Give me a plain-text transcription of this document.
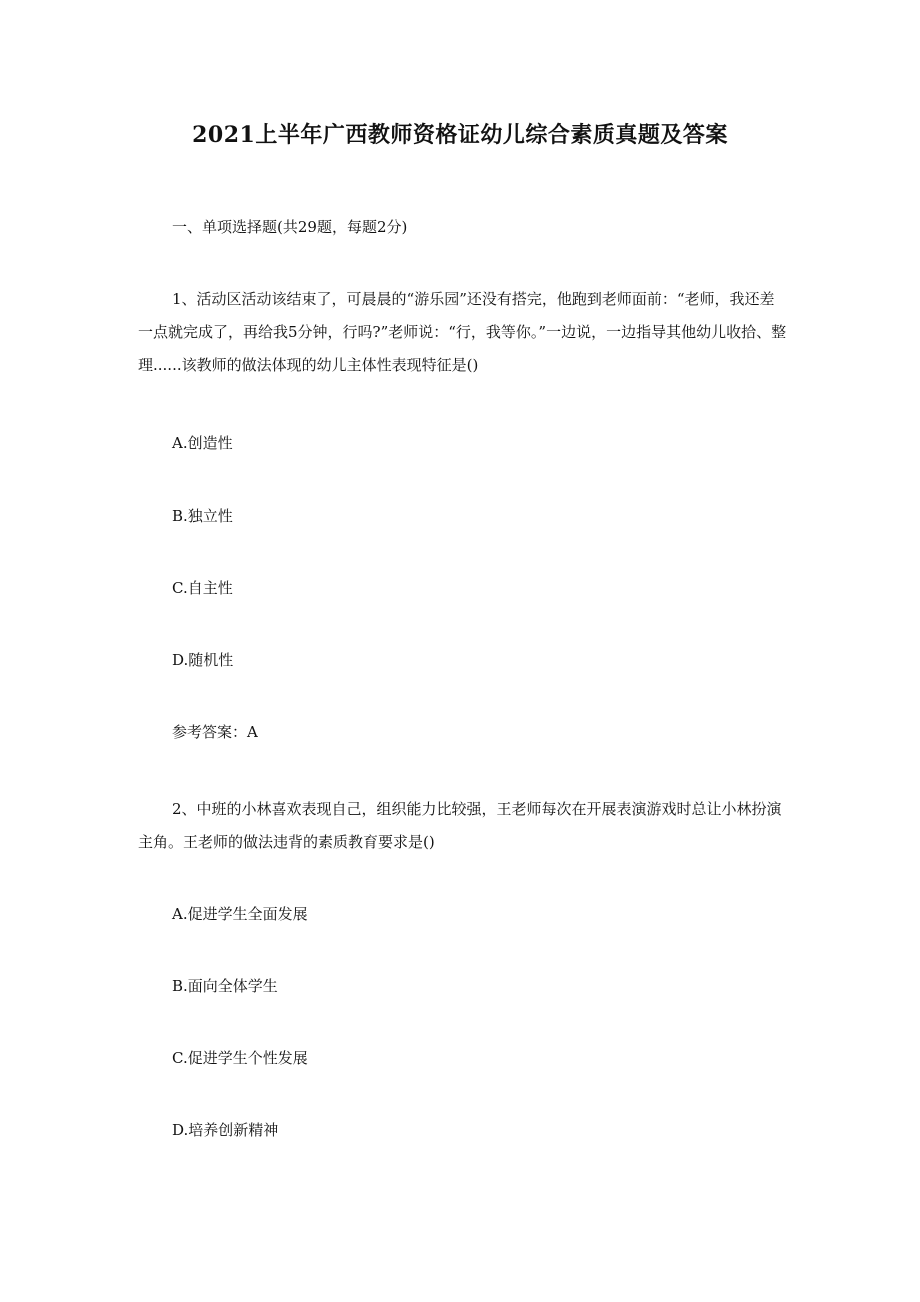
2021上半年广西教师资格证幼儿综合素质真题及答案
一、单项选择题(共29题，每题2分)
1、活动区活动该结束了，可晨晨的“游乐园”还没有搭完，他跑到老师面前：“老师，我还差一点就完成了，再给我5分钟，行吗?”老师说：“行，我等你。”一边说，一边指导其他幼儿收拾、整理......该教师的做法体现的幼儿主体性表现特征是()
A.创造性
B.独立性
C.自主性
D.随机性
参考答案：A
2、中班的小林喜欢表现自己，组织能力比较强，王老师每次在开展表演游戏时总让小林扮演主角。王老师的做法违背的素质教育要求是()
A.促进学生全面发展
B.面向全体学生
C.促进学生个性发展
D.培养创新精神
